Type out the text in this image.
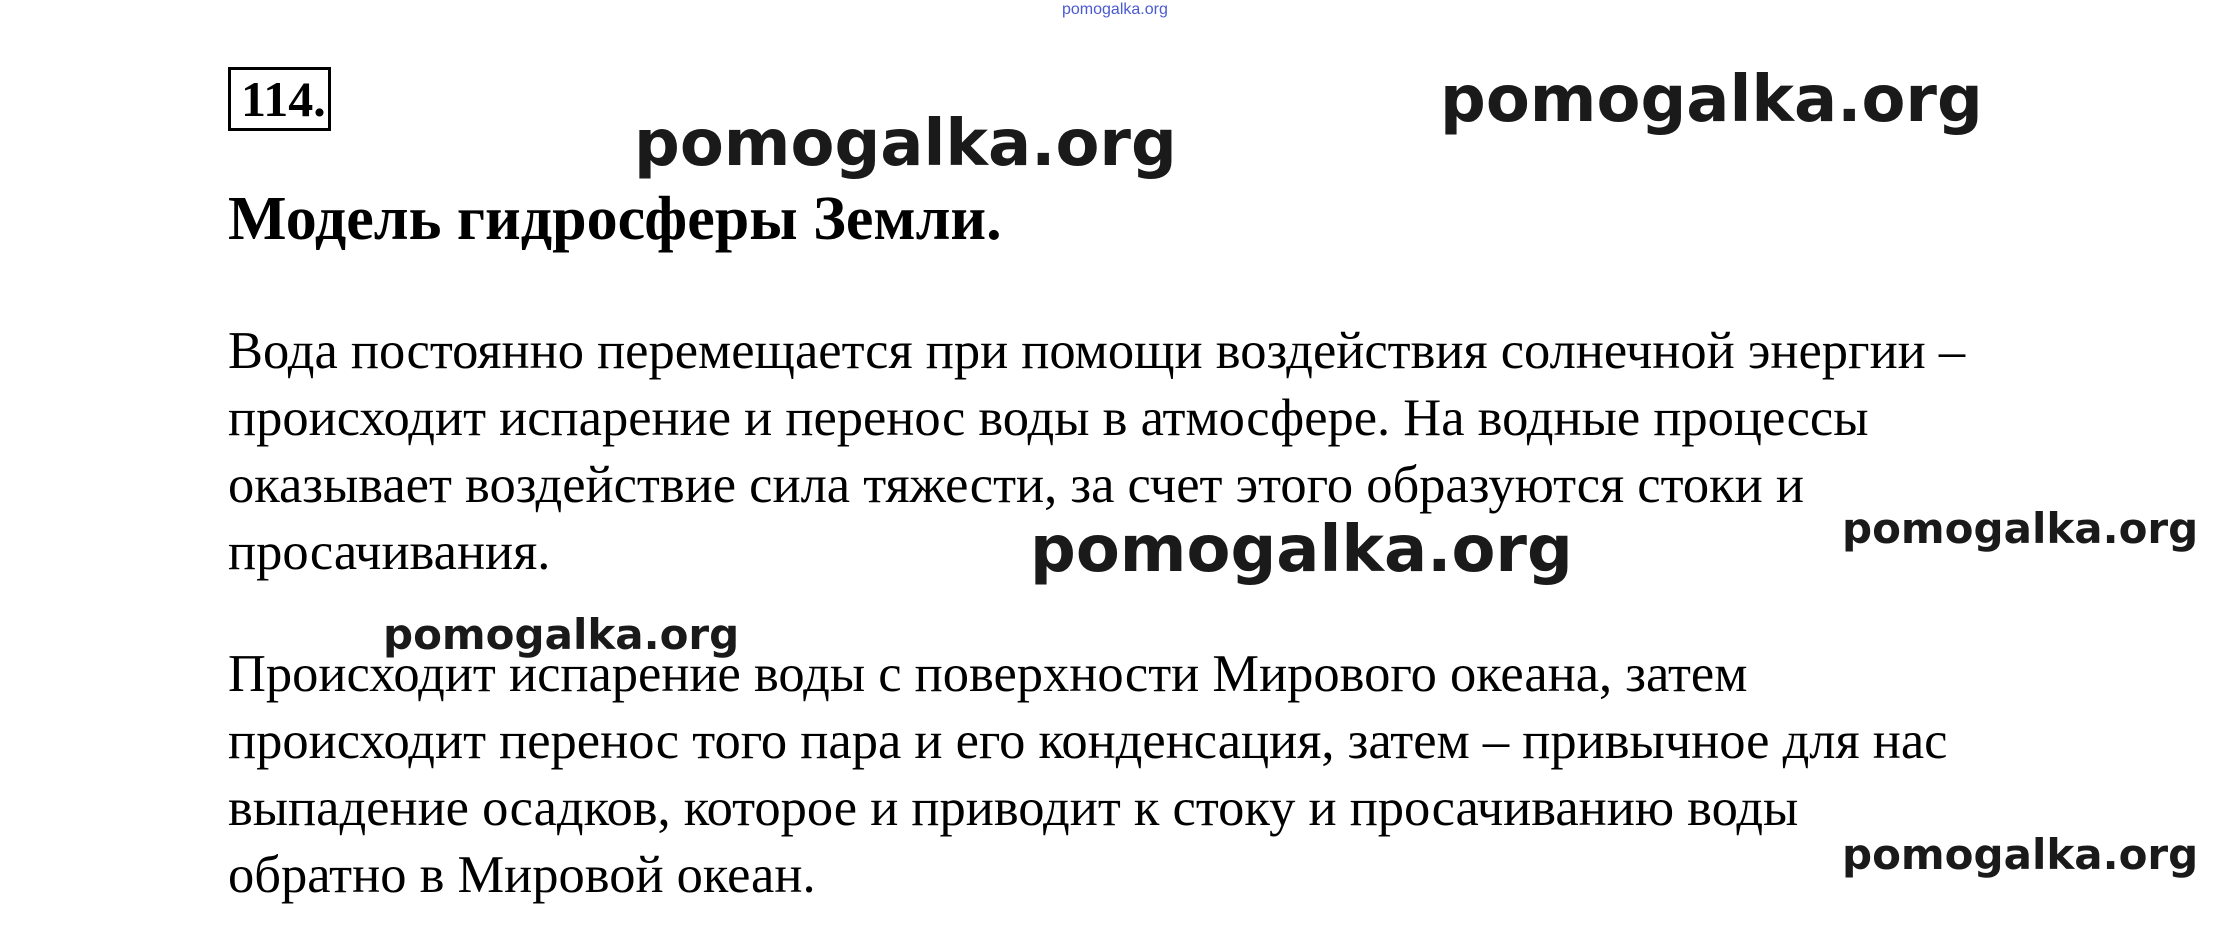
pomogalka.org
114.	pomogalka.org
pomogalka.org
Модель гидросферы Земли.

Вода постоянно перемещается при помощи воздействия солнечной энергии –
происходит испарение и перенос воды в атмосфере. На водные процессы
оказывает воздействие сила тяжести, за счет этого образуются стоки и
просачивания.	pomogalka.org	pomogalka.org
pomogalka.org

Происходит испарение воды с поверхности Мирового океана, затем
происходит перенос того пара и его конденсация, затем – привычное для нас
выпадение осадков, которое и приводит к стоку и просачиванию воды
обратно в Мировой океан.	pomogalka.org
